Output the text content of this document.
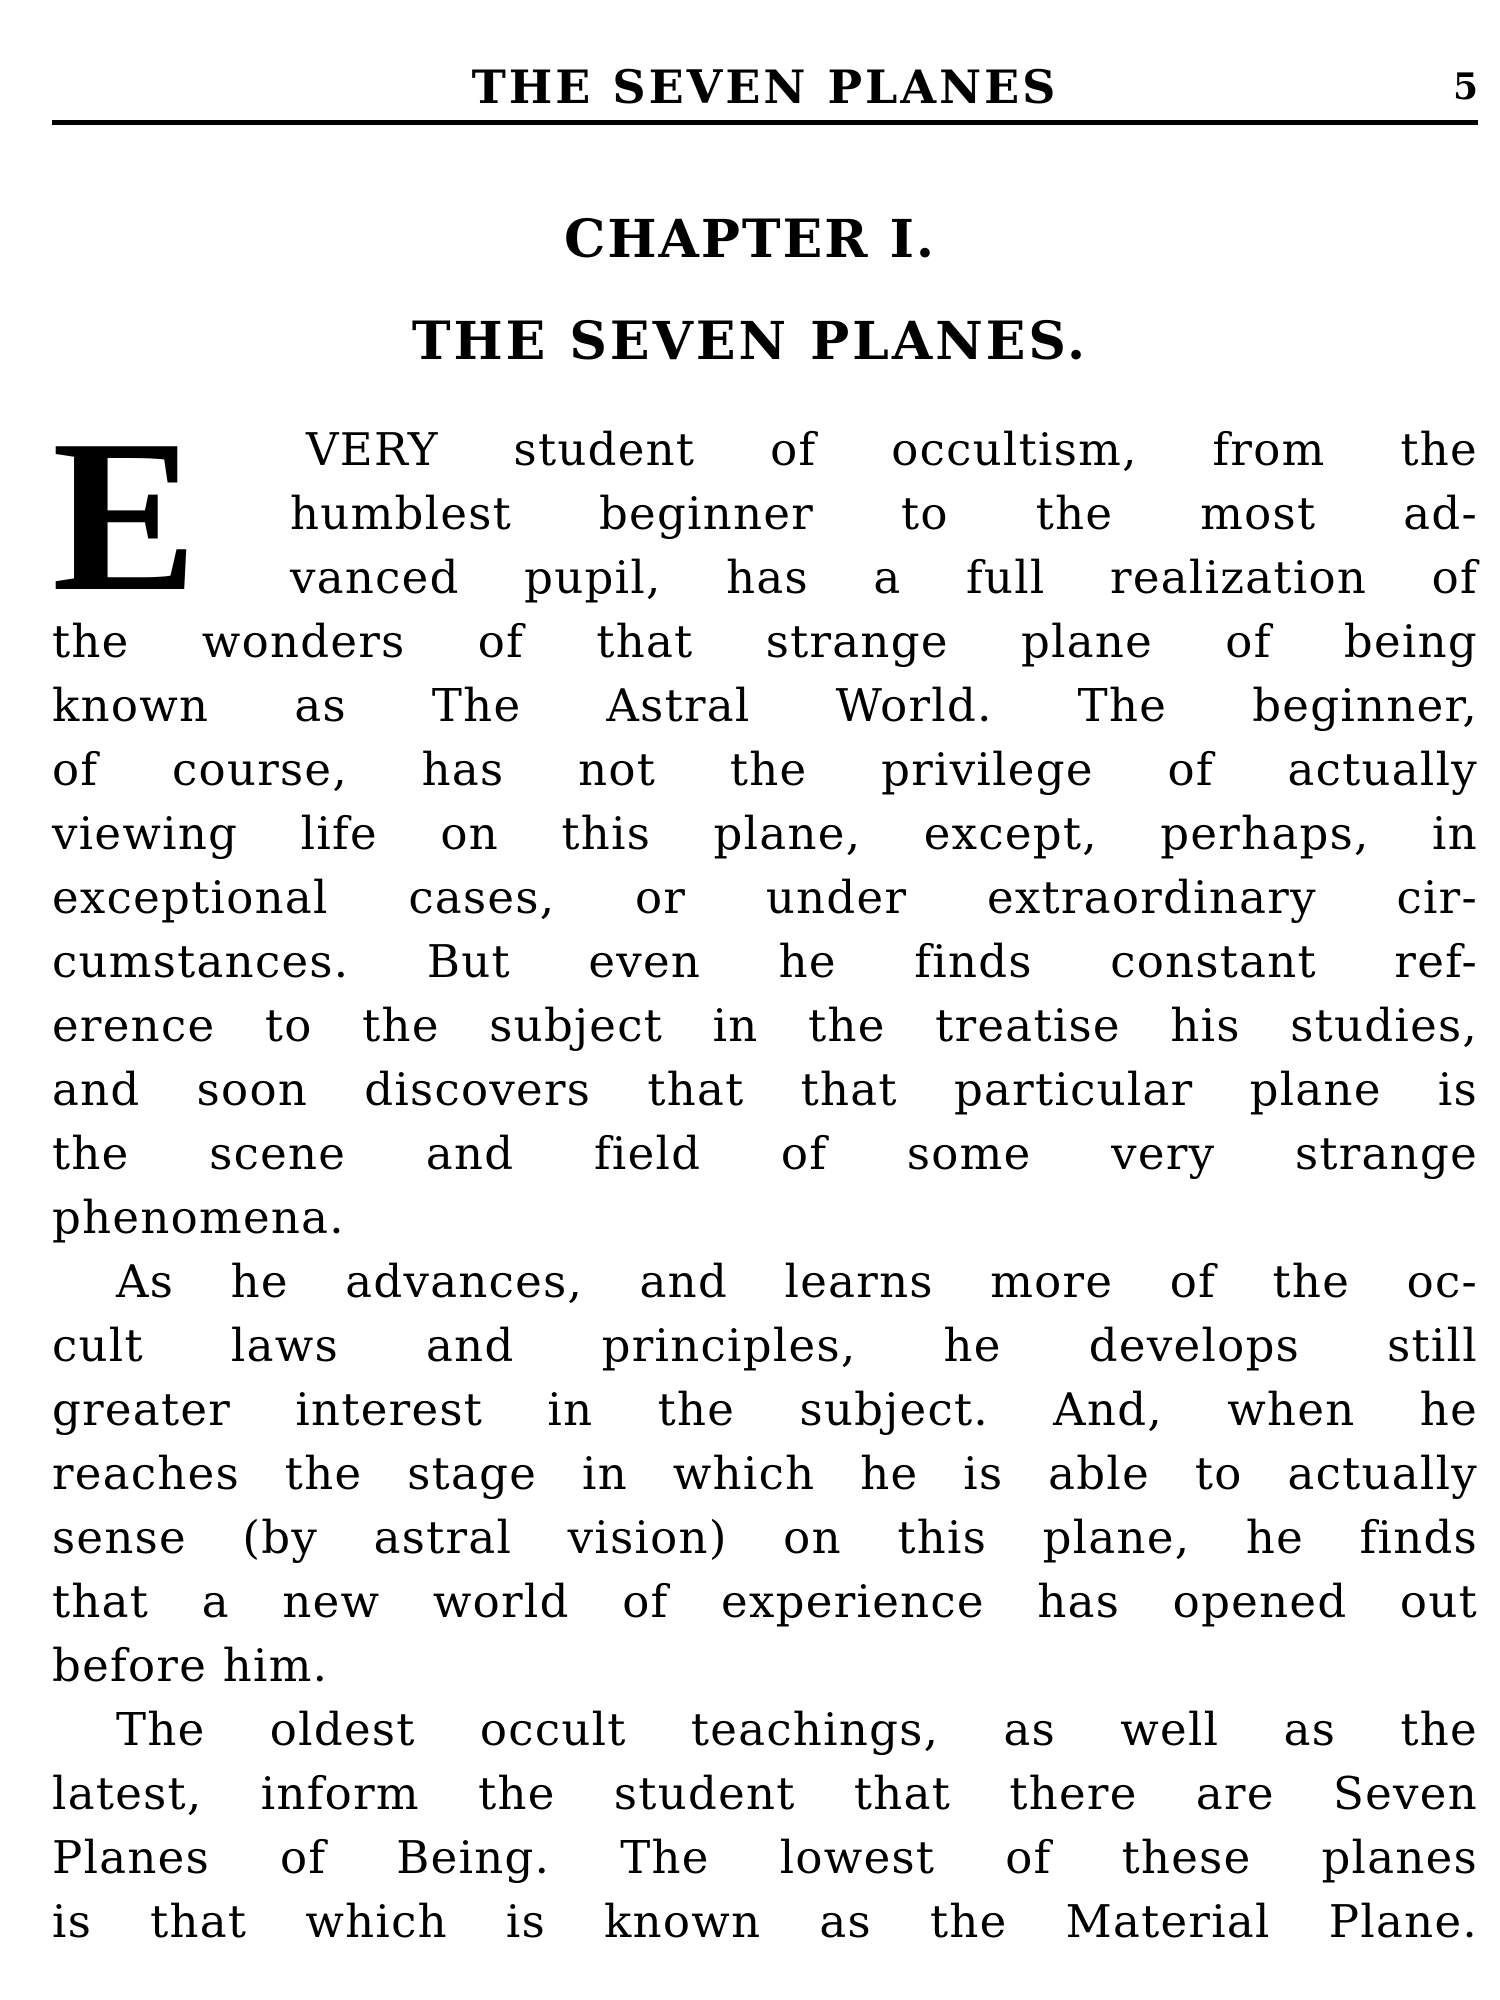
THE SEVEN PLANES	5
CHAPTER I.
THE SEVEN PLANES.
E VERY student of occultism, from the
humblest beginner to the most ad-
vanced pupil, has a full realization of
the wonders of that strange plane of being
known as The Astral World. The beginner,
of course, has not the privilege of actually
viewing life on this plane, except, perhaps, in
exceptional cases, or under extraordinary cir-
cumstances. But even he finds constant ref-
erence to the subject in the treatise his studies,
and soon discovers that that particular plane is
the scene and field of some very strange
phenomena.
As he advances, and learns more of the oc-
cult laws and principles, he develops still
greater interest in the subject. And, when he
reaches the stage in which he is able to actually
sense (by astral vision) on this plane, he finds
that a new world of experience has opened out
before him.
The oldest occult teachings, as well as the
latest, inform the student that there are Seven
Planes of Being. The lowest of these planes
is that which is known as the Material Plane.
